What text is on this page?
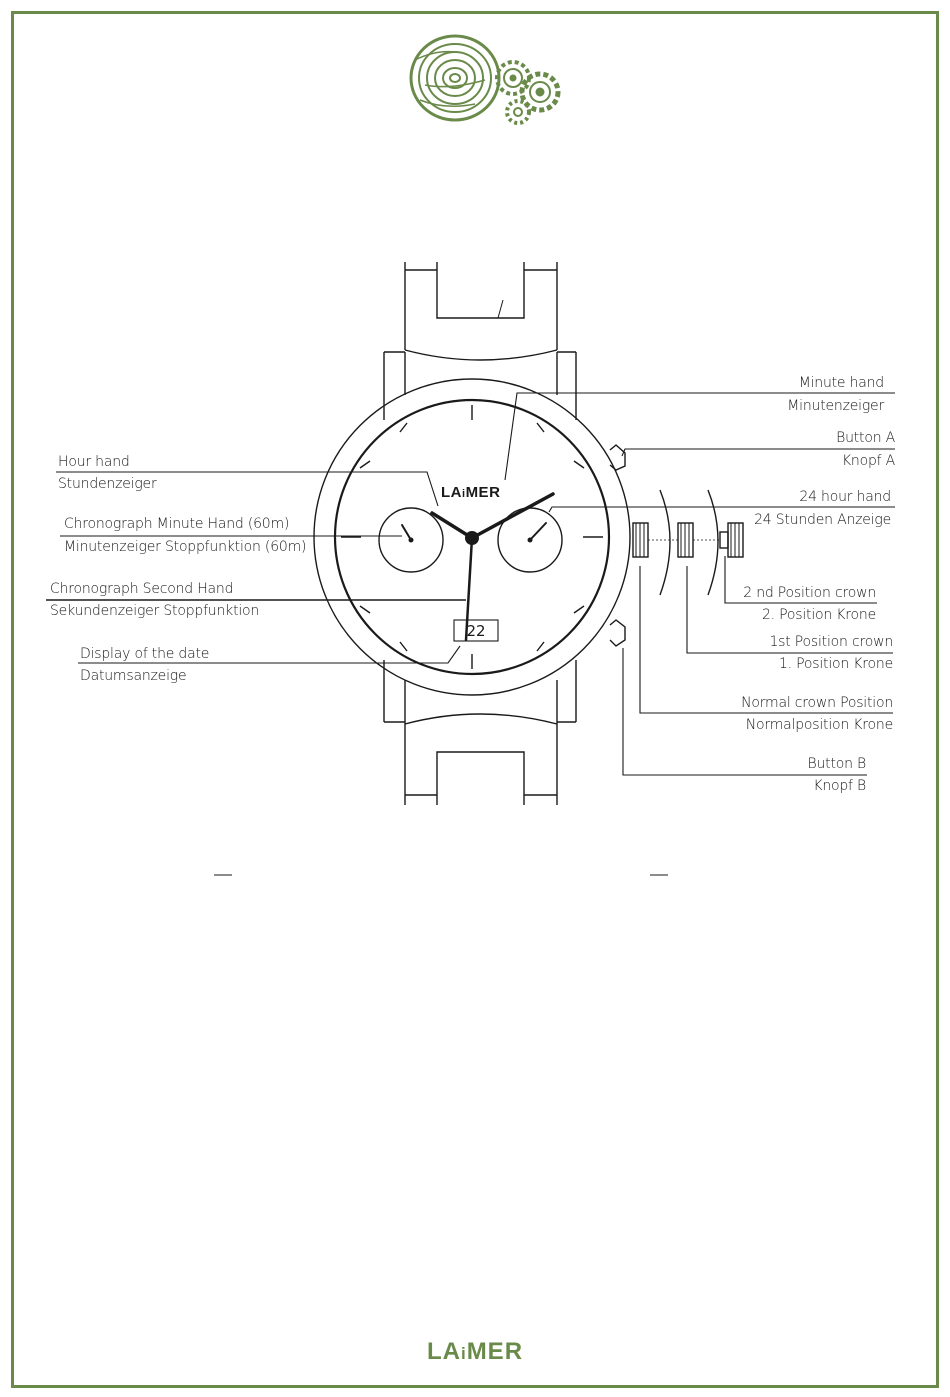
LAiMER
22
Minute hand
Minutenzeiger
Button A
Knopf A
Hour hand
Stundenzeiger
24 hour hand
24 Stunden Anzeige
Chronograph Minute Hand (60m)
Minutenzeiger Stoppfunktion (60m)
Chronograph Second Hand
Sekundenzeiger Stoppfunktion
2 nd Position crown
2. Position Krone
Display of the date
Datumsanzeige
1st Position crown
1. Position Krone
Normal crown Position
Normalposition Krone
Button B
Knopf B
LAiMER
